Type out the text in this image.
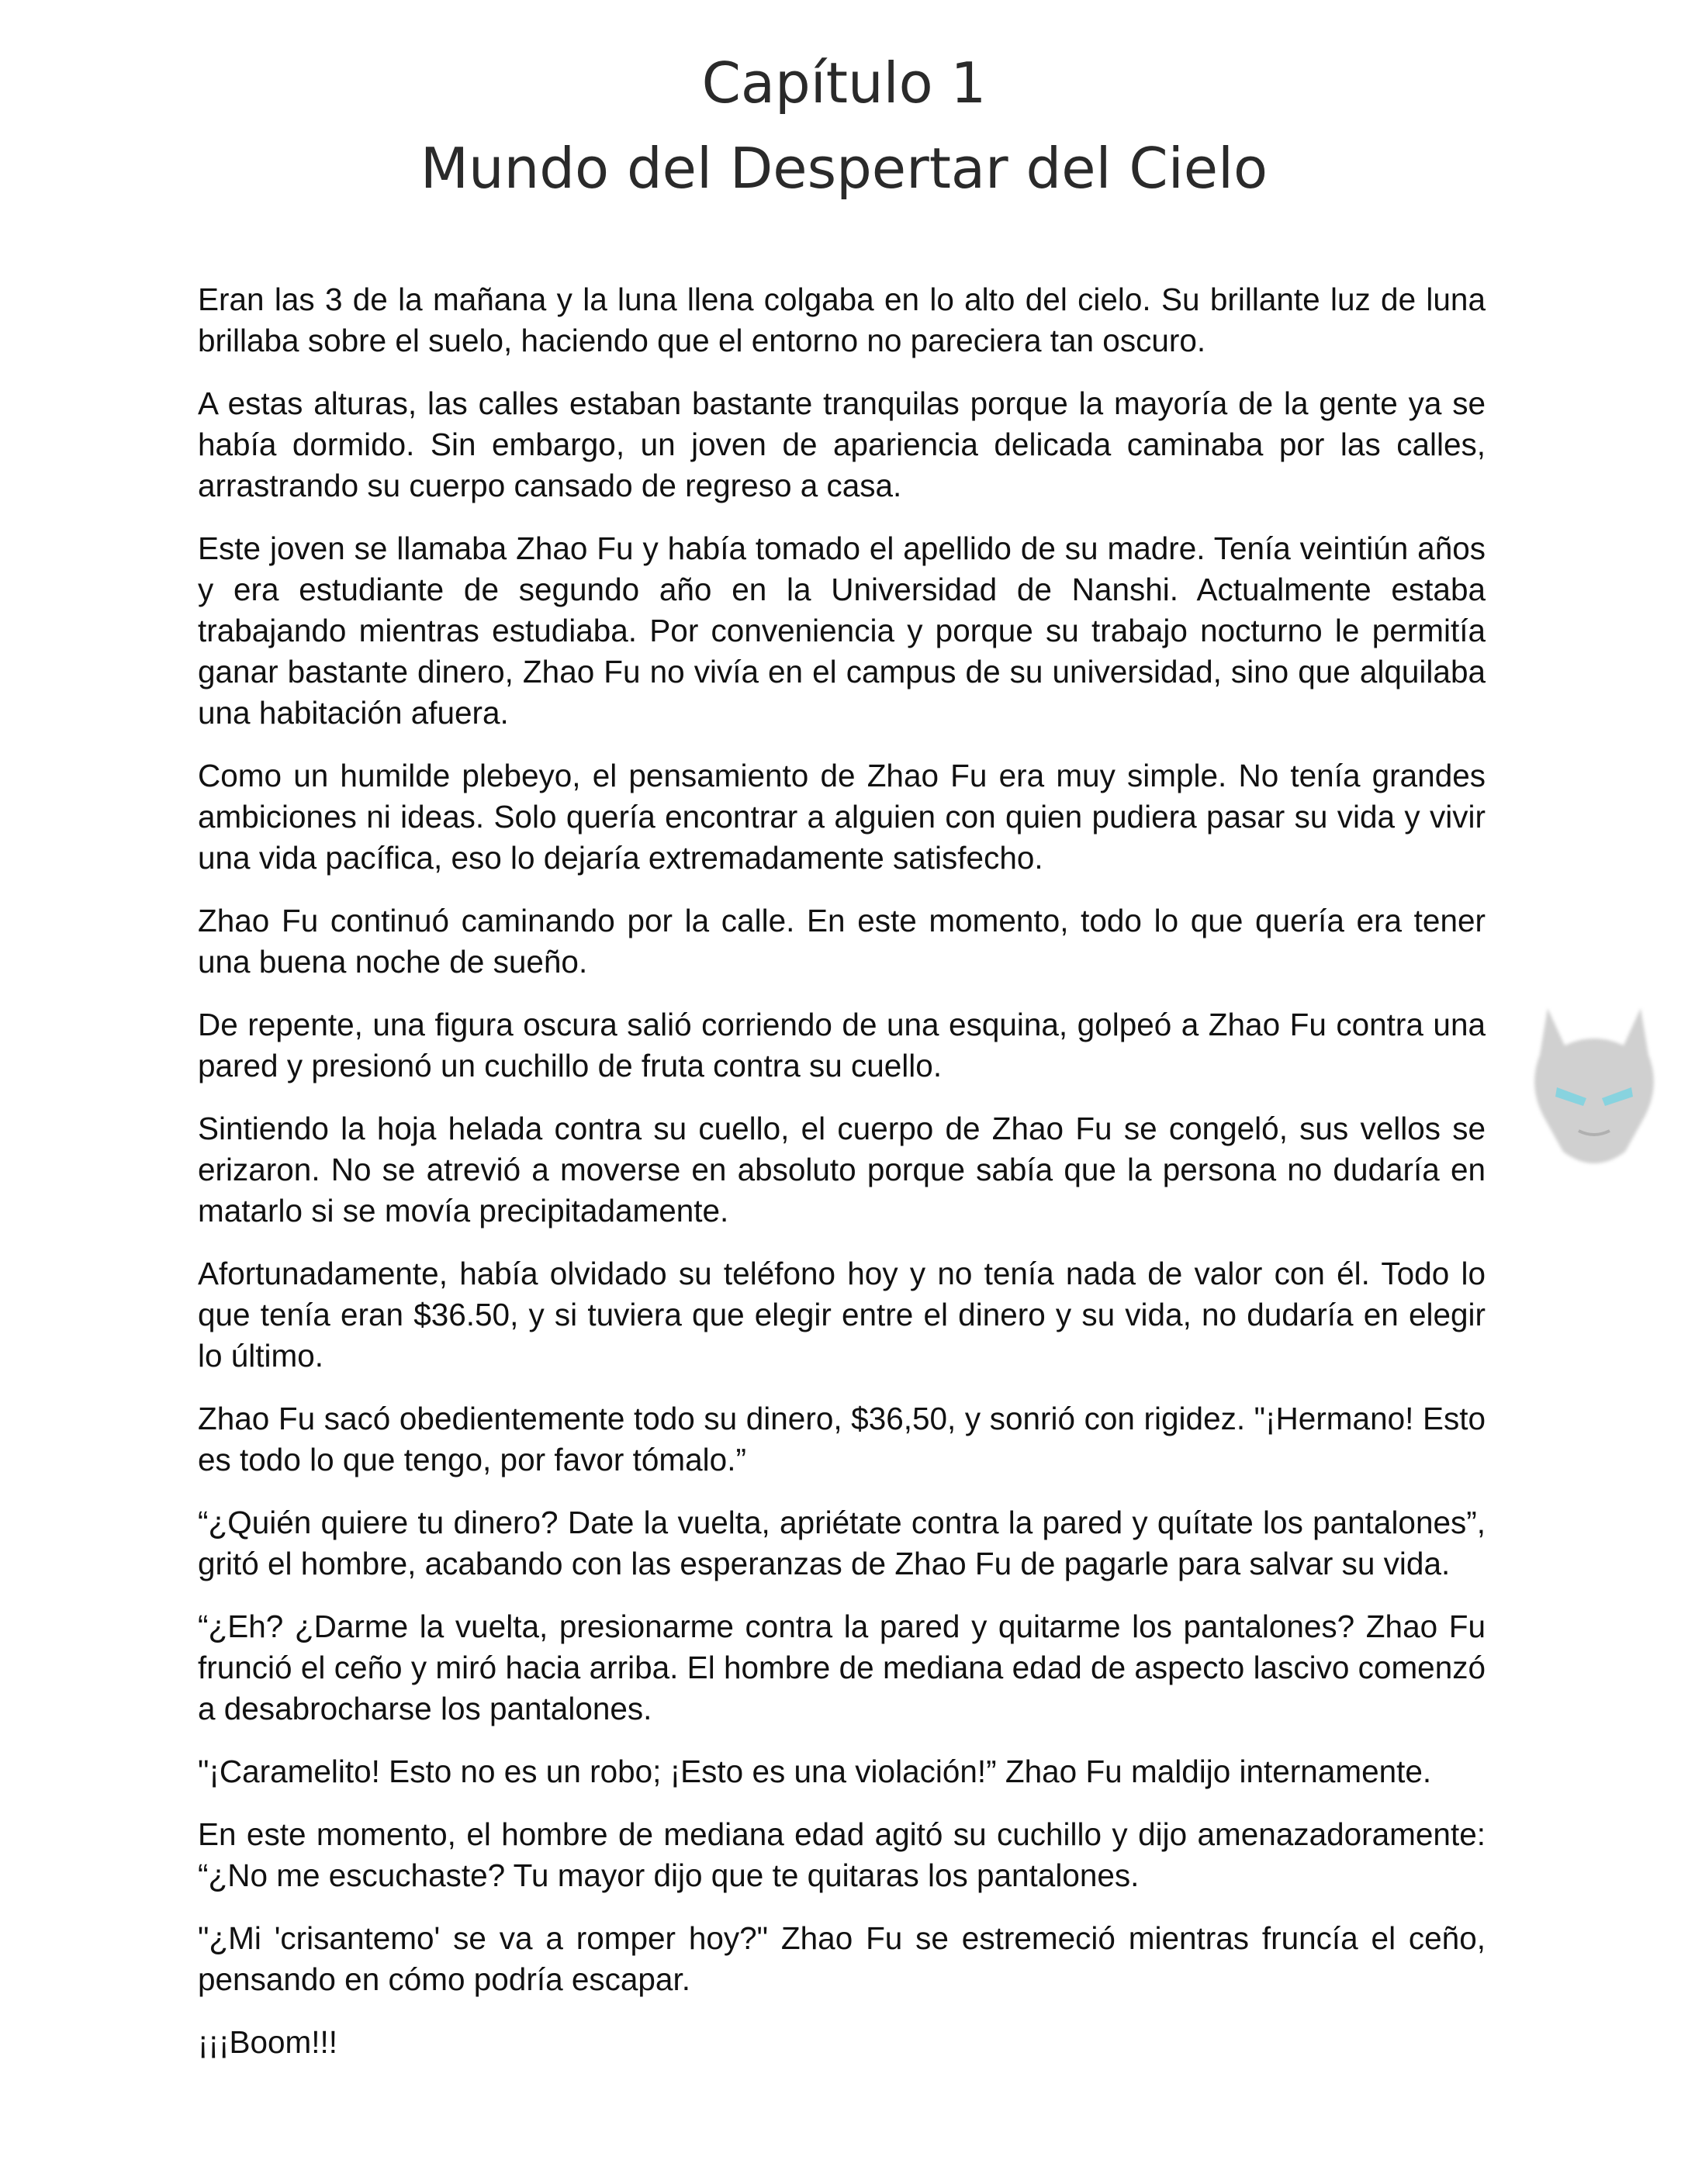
Capítulo 1
Mundo del Despertar del Cielo

Eran las 3 de la mañana y la luna llena colgaba en lo alto del cielo. Su brillante luz de luna brillaba sobre el suelo, haciendo que el entorno no pareciera tan oscuro.

A estas alturas, las calles estaban bastante tranquilas porque la mayoría de la gente ya se había dormido. Sin embargo, un joven de apariencia delicada caminaba por las calles, arrastrando su cuerpo cansado de regreso a casa.

Este joven se llamaba Zhao Fu y había tomado el apellido de su madre. Tenía veintiún años y era estudiante de segundo año en la Universidad de Nanshi. Actualmente estaba trabajando mientras estudiaba. Por conveniencia y porque su trabajo nocturno le permitía ganar bastante dinero, Zhao Fu no vivía en el campus de su universidad, sino que alquilaba una habitación afuera.

Como un humilde plebeyo, el pensamiento de Zhao Fu era muy simple. No tenía grandes ambiciones ni ideas. Solo quería encontrar a alguien con quien pudiera pasar su vida y vivir una vida pacífica, eso lo dejaría extremadamente satisfecho.

Zhao Fu continuó caminando por la calle. En este momento, todo lo que quería era tener una buena noche de sueño.

De repente, una figura oscura salió corriendo de una esquina, golpeó a Zhao Fu contra una pared y presionó un cuchillo de fruta contra su cuello.

Sintiendo la hoja helada contra su cuello, el cuerpo de Zhao Fu se congeló, sus vellos se erizaron. No se atrevió a moverse en absoluto porque sabía que la persona no dudaría en matarlo si se movía precipitadamente.

Afortunadamente, había olvidado su teléfono hoy y no tenía nada de valor con él. Todo lo que tenía eran $36.50, y si tuviera que elegir entre el dinero y su vida, no dudaría en elegir lo último.

Zhao Fu sacó obedientemente todo su dinero, $36,50, y sonrió con rigidez. "¡Hermano! Esto es todo lo que tengo, por favor tómalo.”

“¿Quién quiere tu dinero? Date la vuelta, apriétate contra la pared y quítate los pantalones”, gritó el hombre, acabando con las esperanzas de Zhao Fu de pagarle para salvar su vida.

“¿Eh? ¿Darme la vuelta, presionarme contra la pared y quitarme los pantalones? Zhao Fu frunció el ceño y miró hacia arriba. El hombre de mediana edad de aspecto lascivo comenzó a desabrocharse los pantalones.

"¡Caramelito! Esto no es un robo; ¡Esto es una violación!” Zhao Fu maldijo internamente.

En este momento, el hombre de mediana edad agitó su cuchillo y dijo amenazadoramente: “¿No me escuchaste? Tu mayor dijo que te quitaras los pantalones.

"¿Mi 'crisantemo' se va a romper hoy?" Zhao Fu se estremeció mientras fruncía el ceño, pensando en cómo podría escapar.

¡¡¡Boom!!!
